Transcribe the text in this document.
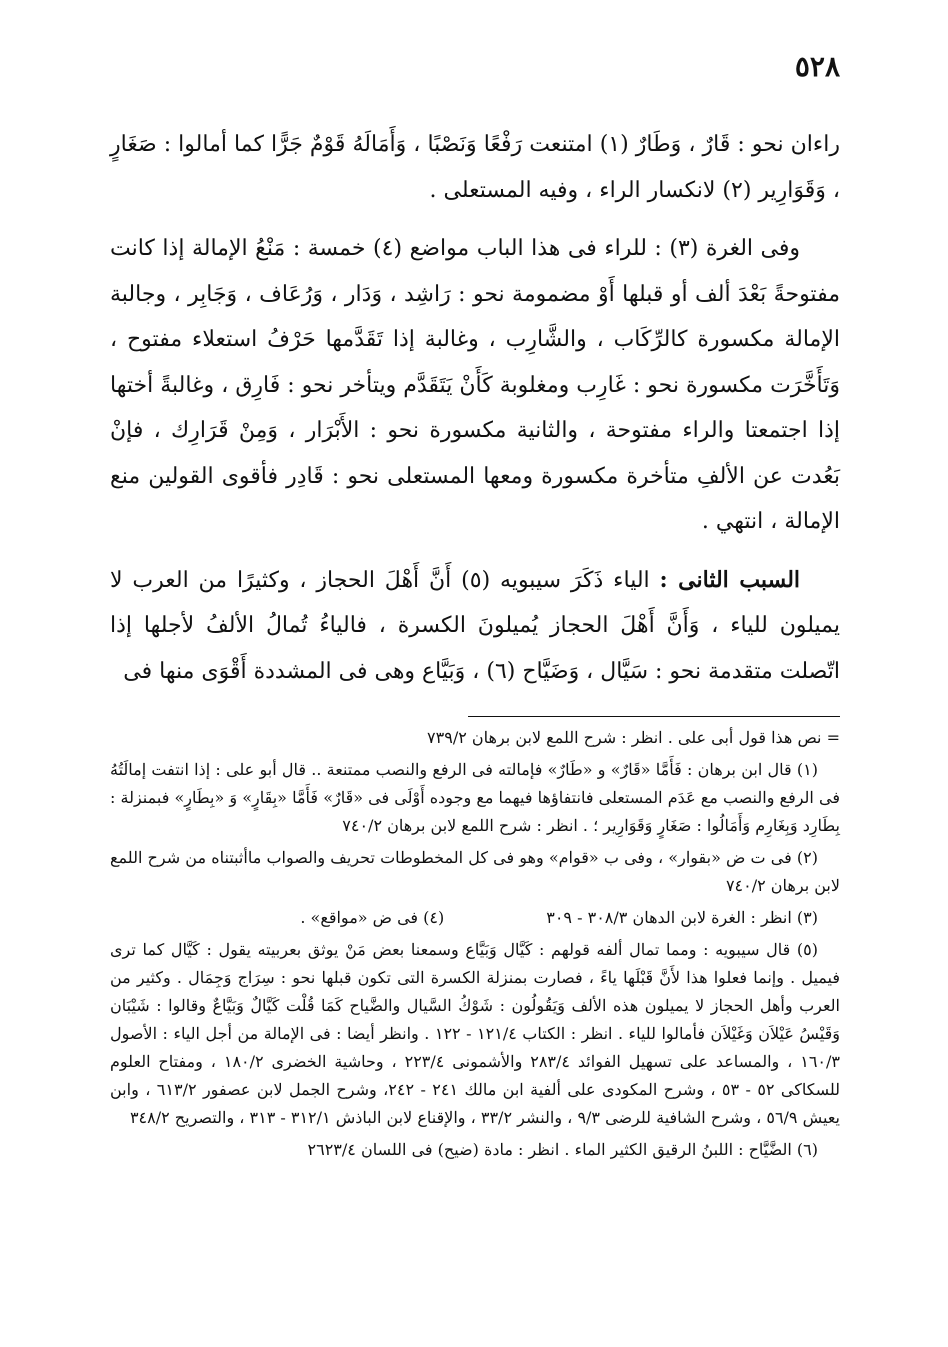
٥٢٨

راءان نحو : قَارٌ ، وَطَارٌ (١) امتنعت رَفْعًا وَنَصْبًا ، وَأَمَالَهُ قَوْمٌ جَرًّا كما أمالوا : صَغَارٍ ، وَقَوَارِير (٢) لانكسار الراء ، وفيه المستعلى .

وفى الغرة (٣) : للراء فى هذا الباب مواضع (٤) خمسة : مَنْعُ الإمالة إذا كانت مفتوحةً بَعْدَ ألف أو قبلها أَوْ مضمومة نحو : رَاشِد ، وَدَار ، وَرُعَاف ، وَجَابِر ، وجالبة الإمالة مكسورة كالرِّكَاب ، والشَّارِب ، وغالبة إذا تَقَدَّمها حَرْفُ استعلاء مفتوح ، وَتَأَخَّرَت مكسورة نحو : غَارِب ومغلوبة كَأَنْ يَتَقَدَّم ويتأخر نحو : فَارِق ، وغالبةً أختها إذا اجتمعتا والراء مفتوحة ، والثانية مكسورة نحو : الأَبْرَار ، وَمِنْ قَرَارِك ، فإنْ بَعُدت عن الألفِ متأخرة مكسورة ومعها المستعلى نحو : قَادِر فأقوى القولين منع الإمالة ، انتهي .

السبب الثانى : الياء ذَكَرَ سيبويه (٥) أَنَّ أَهْلَ الحجاز ، وكثيرًا من العرب لا يميلون للياء ، وَأَنَّ أَهْلَ الحجاز يُميلونَ الكسرة ، فالياءُ تُمالُ الألفُ لأجلها إذا اتّصلت متقدمة نحو : سَيَّال ، وَضَيَّاح (٦) ، وَبَيَّاع وهى فى المشددة أَقْوَى منها فى

= نص هذا قول أبى على . انظر : شرح اللمع لابن برهان ٧٣٩/٢

(١) قال ابن برهان : فَأَمَّا «قَارٌ» و «طَارٌ» فإمالته فى الرفع والنصب ممتنعة .. قال أبو على : إذا انتفت إمالَتُهُ فى الرفع والنصب مع عَدَم المستعلى فانتفاؤها فيهما مع وجوده أَوْلَى فى «قَارٌ» فَأَمَّا «بِقَارٍ» وَ «بِطَارٍ» فبمنزلة : بِطَارِد وَبِغَارِم وَأَمَالُوا : صَغَارٍ وَقَوَارِير ؛ . انظر : شرح اللمع لابن برهان ٧٤٠/٢

(٢) فى ت ض «بقوار» ، وفى ب «قوام» وهو فى كل المخطوطات تحريف والصواب ماأثبتناه من شرح اللمع لابن برهان ٧٤٠/٢

(٣) انظر : الغرة لابن الدهان ٣٠٨/٣ - ٣٠٩
(٤) فى ض «مواقع» .

(٥) قال سيبويه : ومما تمال ألفه قولهم : كَيَّال وَبَيَّاع وسمعنا بعض مَنْ يوثق بعربيته يقول : كَيَّال كما ترى فيميل . وإنما فعلوا هذا لأَنَّ قَبْلَها ياءً ، فصارت بمنزلة الكسرة التى تكون قبلها نحو : سِرَاج وَجِمَال . وكثير من العرب وأهل الحجاز لا يميلون هذه الألف وَيَقُولُون : شَوْكُ السَّيال والضَّياح كَمَا قُلْت كَيَّالٌ وَبَيَّاعٌ وقالوا : شَيْبَان وَقَيْسُ عَيْلاَن وَغَيْلاَن فأمالوا للياء . انظر : الكتاب ١٢١/٤ - ١٢٢ . وانظر أيضا : فى الإمالة من أجل الياء : الأصول ١٦٠/٣ ، والمساعد على تسهيل الفوائد ٢٨٣/٤ والأشمونى ٢٢٣/٤ ، وحاشية الخضرى ١٨٠/٢ ، ومفتاح العلوم للسكاكى ٥٢ - ٥٣ ، وشرح المكودى على ألفية ابن مالك ٢٤١ - ٢٤٢، وشرح الجمل لابن عصفور ٦١٣/٢ ، وابن يعيش ٥٦/٩ ، وشرح الشافية للرضى ٩/٣ ، والنشر ٣٣/٢ ، والإقناع لابن الباذش ٣١٢/١ - ٣١٣ ، والتصريح ٣٤٨/٢

(٦) الضَّيَّاح : اللبنُ الرقيق الكثير الماء . انظر : مادة (ضيح) فى اللسان ٢٦٢٣/٤
